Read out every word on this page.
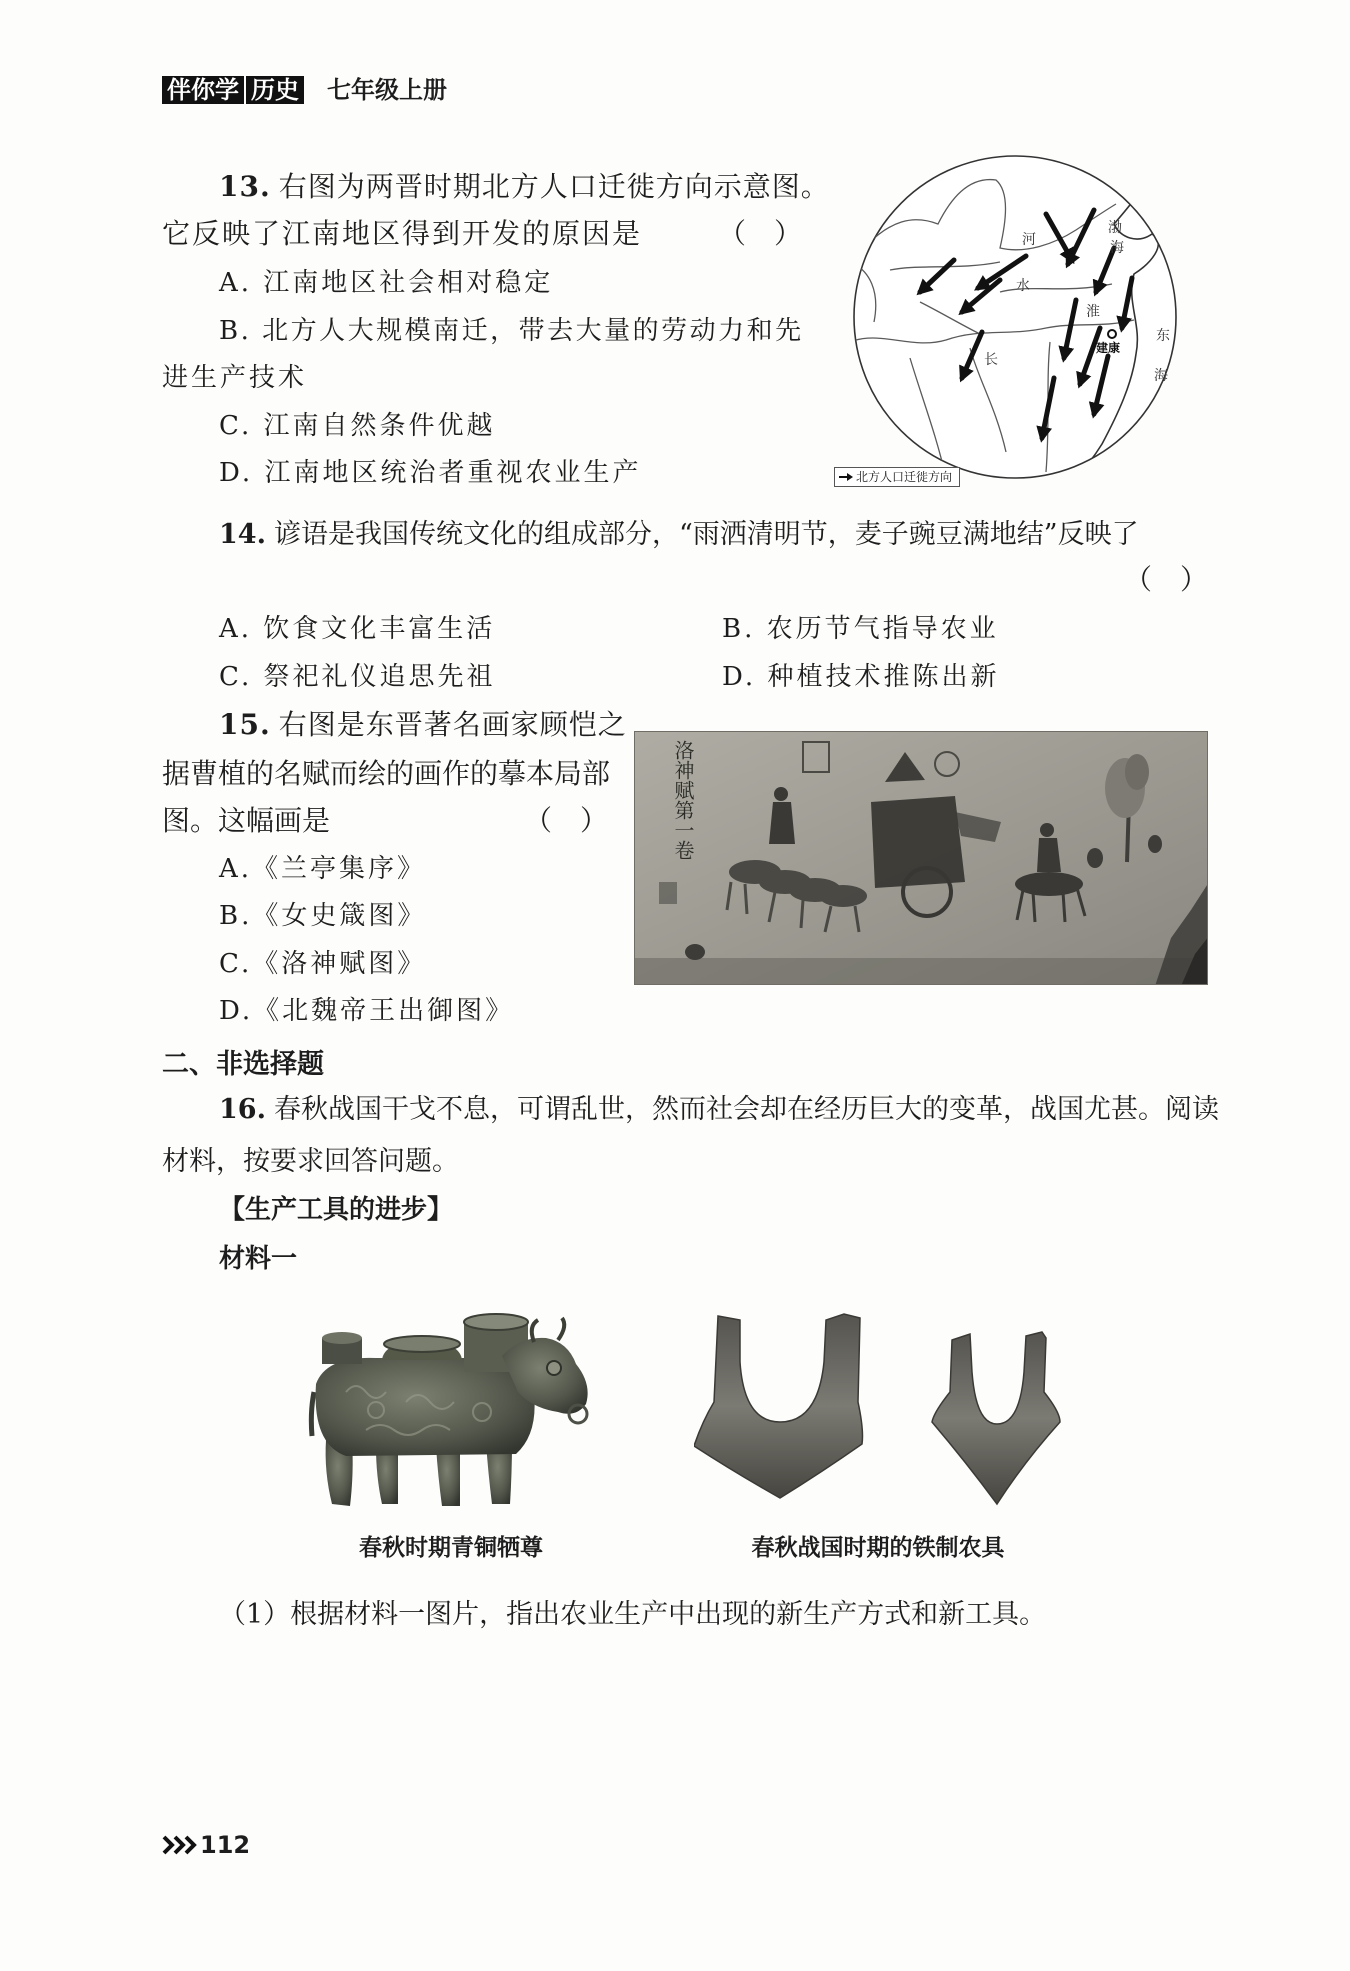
伴你学 历史 七年级上册
13. 右图为两晋时期北方人口迁徙方向示意图。
它反映了江南地区得到开发的原因是	（　）
A. 江南地区社会相对稳定
B. 北方人大规模南迁，带去大量的劳动力和先
进生产技术
C. 江南自然条件优越
D. 江南地区统治者重视农业生产
河
水
淮
长
渤
海
东
海
建康
北方人口迁徙方向
14. 谚语是我国传统文化的组成部分，“雨洒清明节，麦子豌豆满地结”反映了
（　）
A. 饮食文化丰富生活	B. 农历节气指导农业
C. 祭祀礼仪追思先祖	D. 种植技术推陈出新
15. 右图是东晋著名画家顾恺之
据曹植的名赋而绘的画作的摹本局部
图。这幅画是	（　）
A.《兰亭集序》
B.《女史箴图》
C.《洛神赋图》
D.《北魏帝王出御图》
洛神赋第一卷
二、非选择题
16. 春秋战国干戈不息，可谓乱世，然而社会却在经历巨大的变革，战国尤甚。阅读
材料，按要求回答问题。
【生产工具的进步】
材料一
春秋时期青铜牺尊	春秋战国时期的铁制农具
（1）根据材料一图片，指出农业生产中出现的新生产方式和新工具。
112
